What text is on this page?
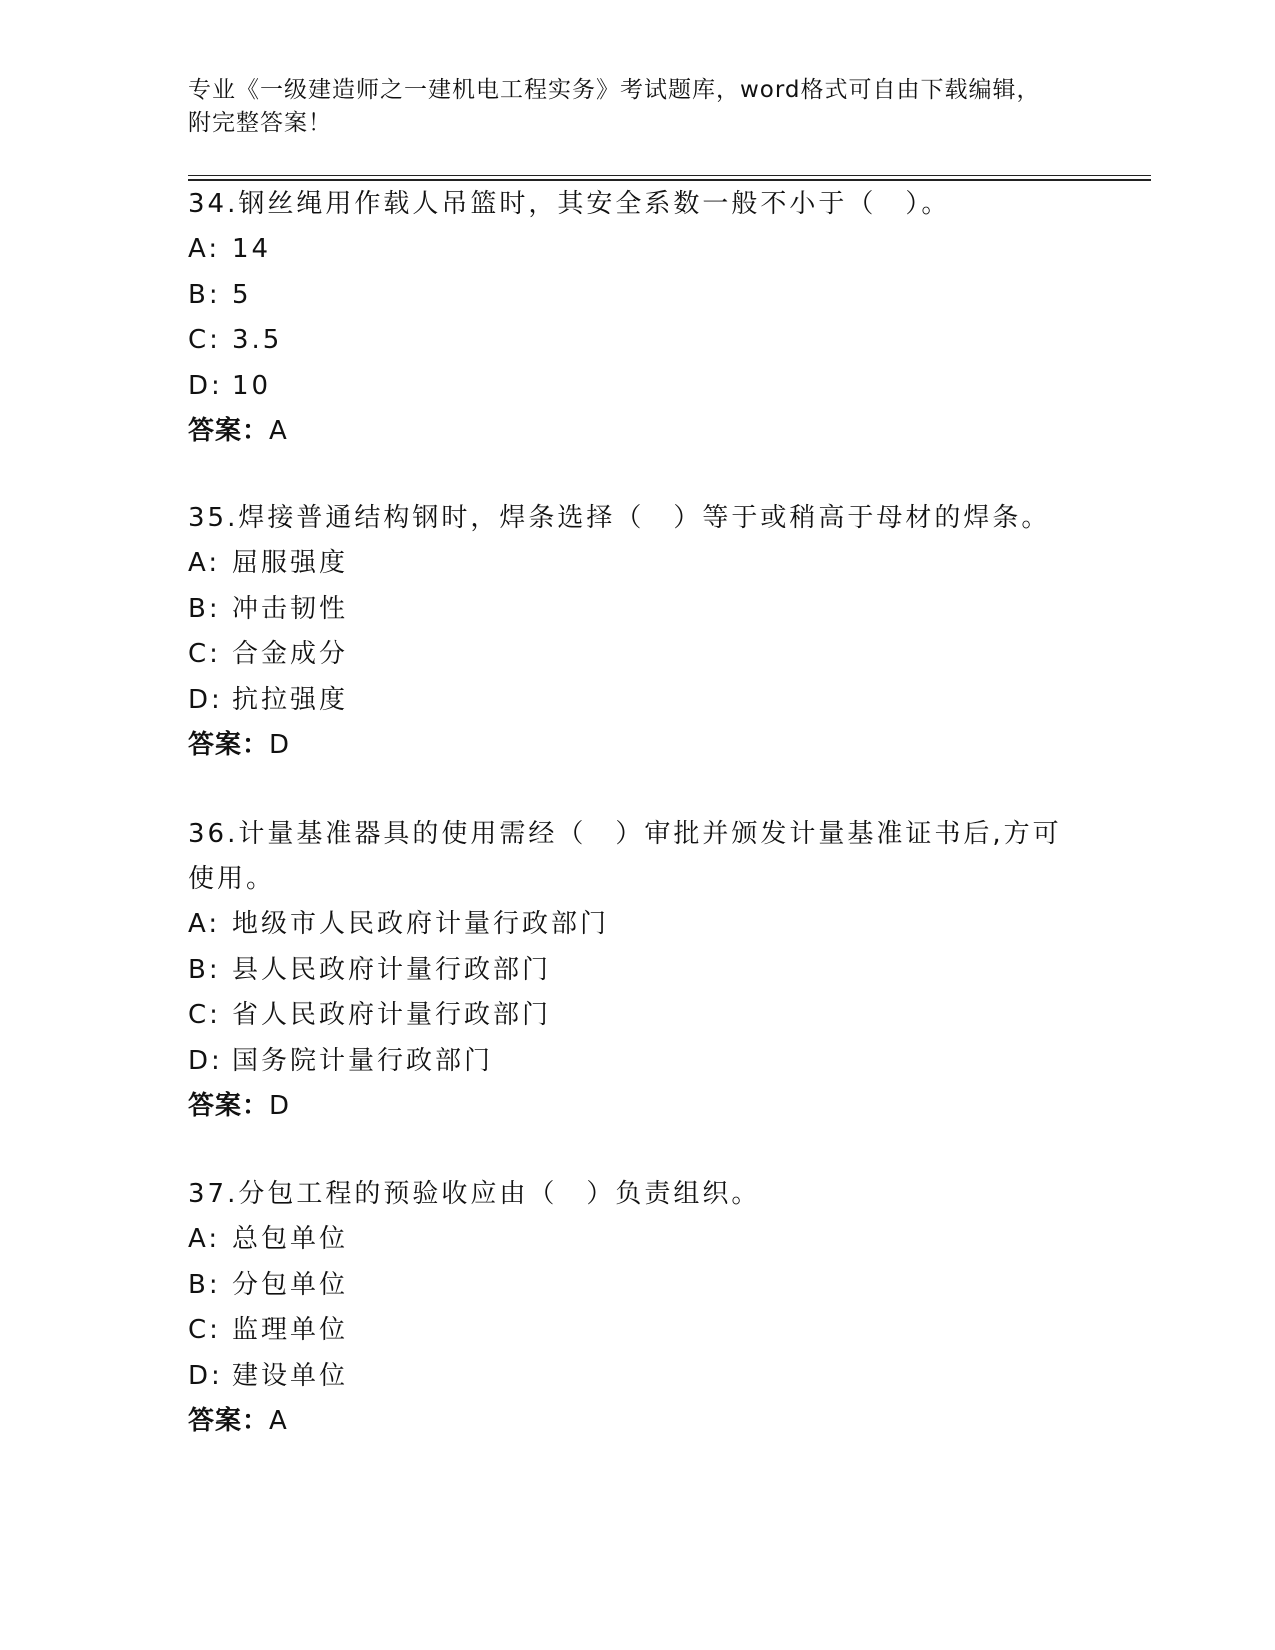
专业《一级建造师之一建机电工程实务》考试题库，word格式可自由下载编辑，
附完整答案！

34.钢丝绳用作载人吊篮时，其安全系数一般不小于（　）。

A: 14
B: 5
C: 3.5
D: 10
答案：A

35.焊接普通结构钢时，焊条选择（　）等于或稍高于母材的焊条。

A: 屈服强度
B: 冲击韧性
C: 合金成分
D: 抗拉强度
答案：D

36.计量基准器具的使用需经（　）审批并颁发计量基准证书后,方可

使用。

A: 地级市人民政府计量行政部门
B: 县人民政府计量行政部门
C: 省人民政府计量行政部门
D: 国务院计量行政部门
答案：D

37.分包工程的预验收应由（　）负责组织。

A: 总包单位
B: 分包单位
C: 监理单位
D: 建设单位
答案：A
